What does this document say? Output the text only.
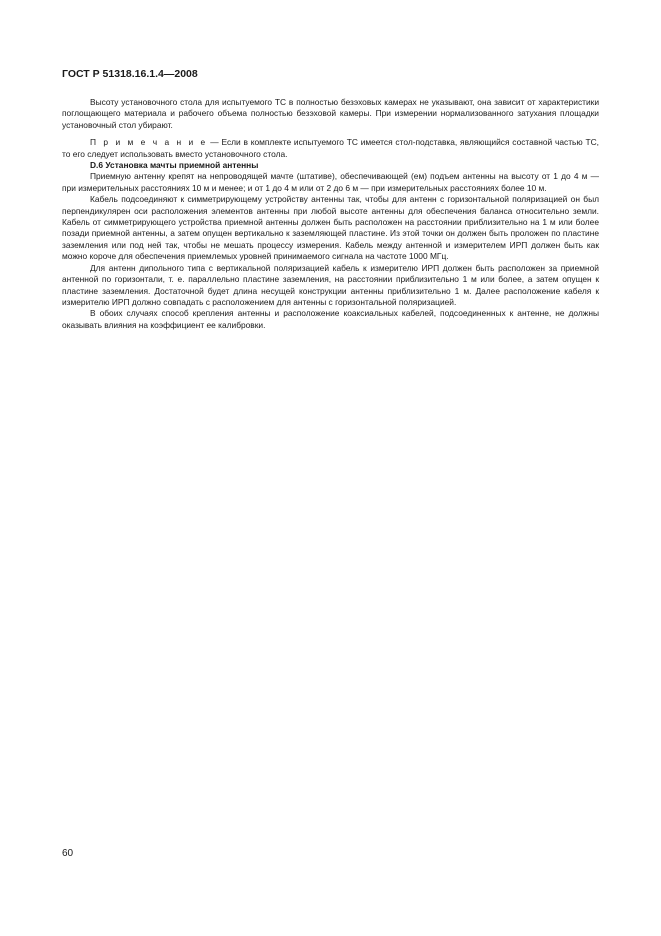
ГОСТ Р 51318.16.1.4—2008

Высоту установочного стола для испытуемого ТС в полностью безэховых камерах не указывают, она зависит от характеристики поглощающего материала и рабочего объема полностью безэховой камеры. При измерении нормализованного затухания площадки установочный стол убирают.

П р и м е ч а н и е — Если в комплекте испытуемого ТС имеется стол-подставка, являющийся составной частью ТС, то его следует использовать вместо установочного стола.

D.6 Установка мачты приемной антенны

Приемную антенну крепят на непроводящей мачте (штативе), обеспечивающей (ем) подъем антенны на высоту от 1 до 4 м — при измерительных расстояниях 10 м и менее; и от 1 до 4 м или от 2 до 6 м — при измерительных расстояниях более 10 м.

Кабель подсоединяют к симметрирующему устройству антенны так, чтобы для антенн с горизонтальной поляризацией он был перпендикулярен оси расположения элементов антенны при любой высоте антенны для обеспечения баланса относительно земли. Кабель от симметрирующего устройства приемной антенны должен быть расположен на расстоянии приблизительно на 1 м или более позади приемной антенны, а затем опущен вертикально к заземляющей пластине. Из этой точки он должен быть проложен по пластине заземления или под ней так, чтобы не мешать процессу измерения. Кабель между антенной и измерителем ИРП должен быть как можно короче для обеспечения приемлемых уровней принимаемого сигнала на частоте 1000 МГц.

Для антенн дипольного типа с вертикальной поляризацией кабель к измерителю ИРП должен быть расположен за приемной антенной по горизонтали, т. е. параллельно пластине заземления, на расстоянии приблизительно 1 м или более, а затем опущен к пластине заземления. Достаточной будет длина несущей конструкции антенны приблизительно 1 м. Далее расположение кабеля к измерителю ИРП должно совпадать с расположением для антенны с горизонтальной поляризацией.

В обоих случаях способ крепления антенны и расположение коаксиальных кабелей, подсоединенных к антенне, не должны оказывать влияния на коэффициент ее калибровки.

60
